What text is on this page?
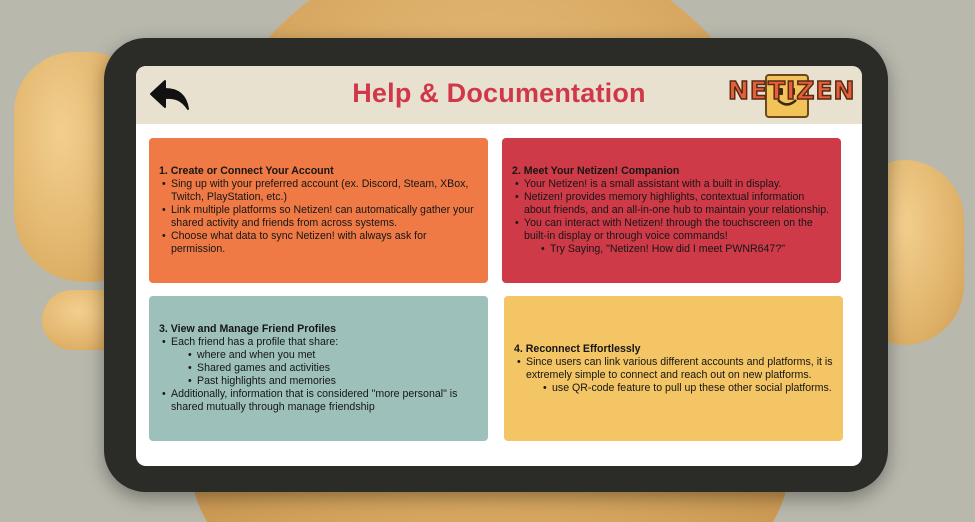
Help & Documentation	NETIZEN
1. Create or Connect Your Account
• Sing up with your preferred account (ex. Discord, Steam, XBox, Twitch, PlayStation, etc.)
• Link multiple platforms so Netizen! can automatically gather your shared activity and friends from across systems.
• Choose what data to sync Netizen! with always ask for permission.
2. Meet Your Netizen! Companion
• Your Netizen! is a small assistant with a built in display.
• Netizen! provides memory highlights, contextual information about friends, and an all-in-one hub to maintain your relationship.
• You can interact with Netizen! through the touchscreen on the built-in display or through voice commands!
• Try Saying, "Netizen! How did I meet PWNR647?"
3. View and Manage Friend Profiles
• Each friend has a profile that share:
• where and when you met
• Shared games and activities
• Past highlights and memories
• Additionally, information that is considered "more personal" is shared mutually through manage friendship
4. Reconnect Effortlessly
• Since users can link various different accounts and platforms, it is extremely simple to connect and reach out on new platforms.
• use QR-code feature to pull up these other social platforms.
